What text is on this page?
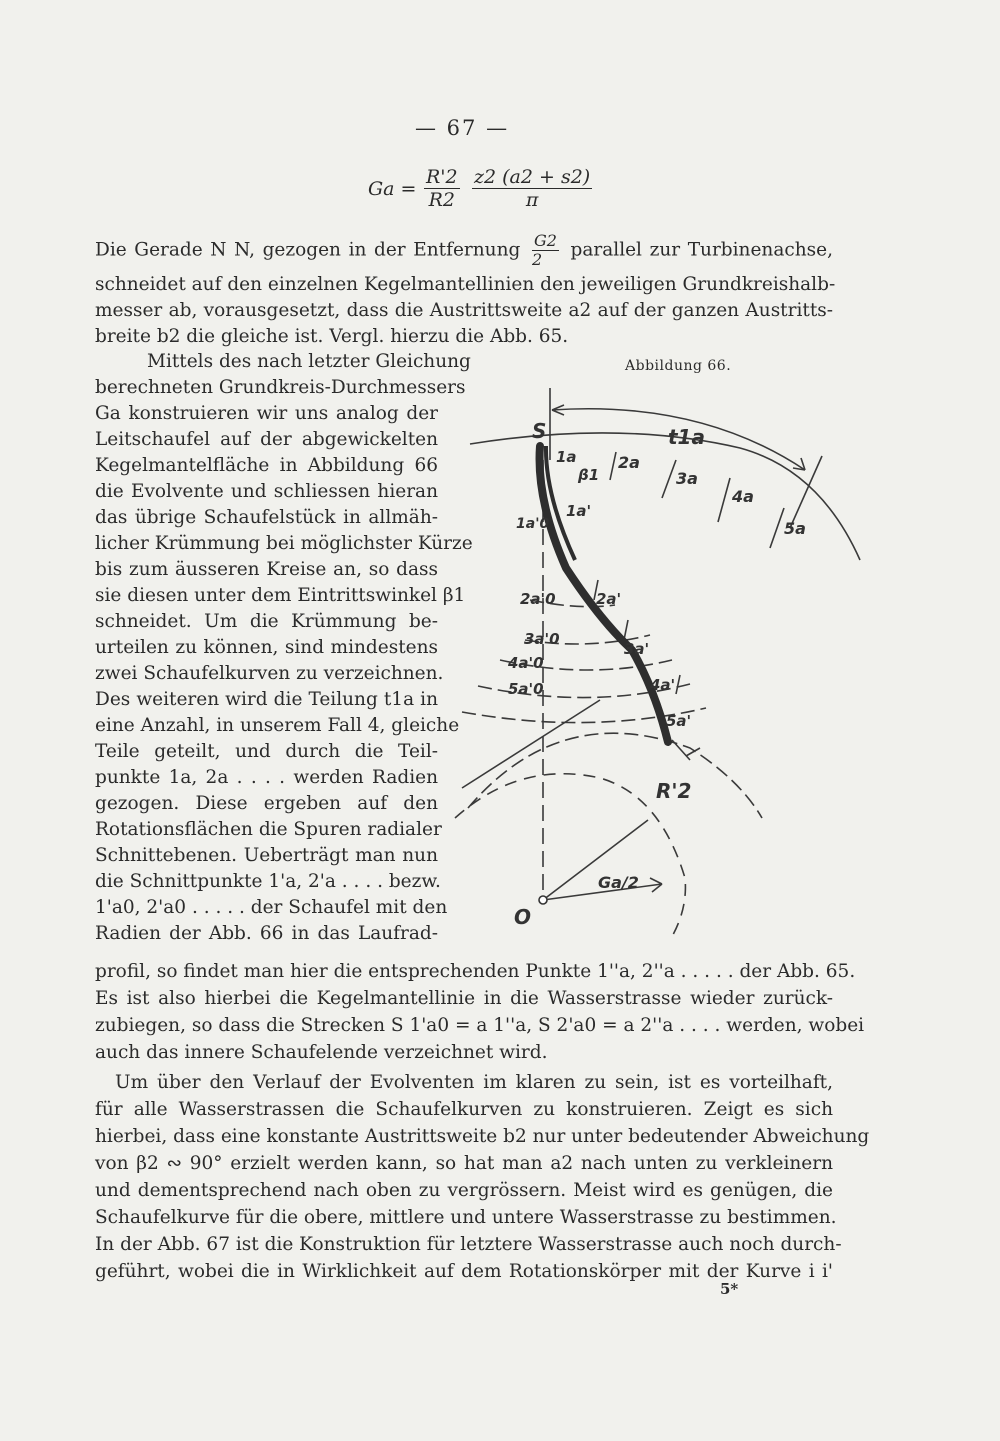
— 67 —
$Ga = \frac{R'2}{R2} \frac{z2 (a2 + s2)}{\pi}$
Die Gerade N N, gezogen in der Entfernung $\frac{G2}{2}$ parallel zur Turbinenachse,
schneidet auf den einzelnen Kegelmantellinien den jeweiligen Grundkreishalb-
messer ab, vorausgesetzt, dass die Austrittsweite a2 auf der ganzen Austritts-
breite b2 die gleiche ist. Vergl. hierzu die Abb. 65.
Abbildung 66.
Mittels des nach letzter Gleichung
berechneten Grundkreis-Durchmessers
Ga konstruieren wir uns analog der
Leitschaufel auf der abgewickelten
Kegelmantelfläche in Abbildung 66
die Evolvente und schliessen hieran
das übrige Schaufelstück in allmäh-
licher Krümmung bei möglichster Kürze
bis zum äusseren Kreise an, so dass
sie diesen unter dem Eintrittswinkel β1
schneidet. Um die Krümmung be-
urteilen zu können, sind mindestens
zwei Schaufelkurven zu verzeichnen.
Des weiteren wird die Teilung t1a in
eine Anzahl, in unserem Fall 4, gleiche
Teile geteilt, und durch die Teil-
punkte 1a, 2a . . . . werden Radien
gezogen. Diese ergeben auf den
Rotationsflächen die Spuren radialer
Schnittebenen. Ueberträgt man nun
die Schnittpunkte 1'a, 2'a . . . . bezw.
1'a0, 2'a0 . . . . . der Schaufel mit den
Radien der Abb. 66 in das Laufrad-
profil, so findet man hier die entsprechenden Punkte 1''a, 2''a . . . . . der Abb. 65.
Es ist also hierbei die Kegelmantellinie in die Wasserstrasse wieder zurück-
zubiegen, so dass die Strecken S 1'a0 = a 1''a, S 2'a0 = a 2''a . . . . werden, wobei
auch das innere Schaufelende verzeichnet wird.
Um über den Verlauf der Evolventen im klaren zu sein, ist es vorteilhaft,
für alle Wasserstrassen die Schaufelkurven zu konstruieren. Zeigt es sich
hierbei, dass eine konstante Austrittsweite b2 nur unter bedeutender Abweichung
von β2 ∾ 90° erzielt werden kann, so hat man a2 nach unten zu verkleinern
und dementsprechend nach oben zu vergrössern. Meist wird es genügen, die
Schaufelkurve für die obere, mittlere und untere Wasserstrasse zu bestimmen.
In der Abb. 67 ist die Konstruktion für letztere Wasserstrasse auch noch durch-
geführt, wobei die in Wirklichkeit auf dem Rotationskörper mit der Kurve i i'
5*
S	t1a
1a
β1
2a
3a
4a
5a
1a'
1a'0
2a'0	2a'
3a'0
3a'
4a'0
4a'
5a'0
5a'
R'2
Ga/2
O
